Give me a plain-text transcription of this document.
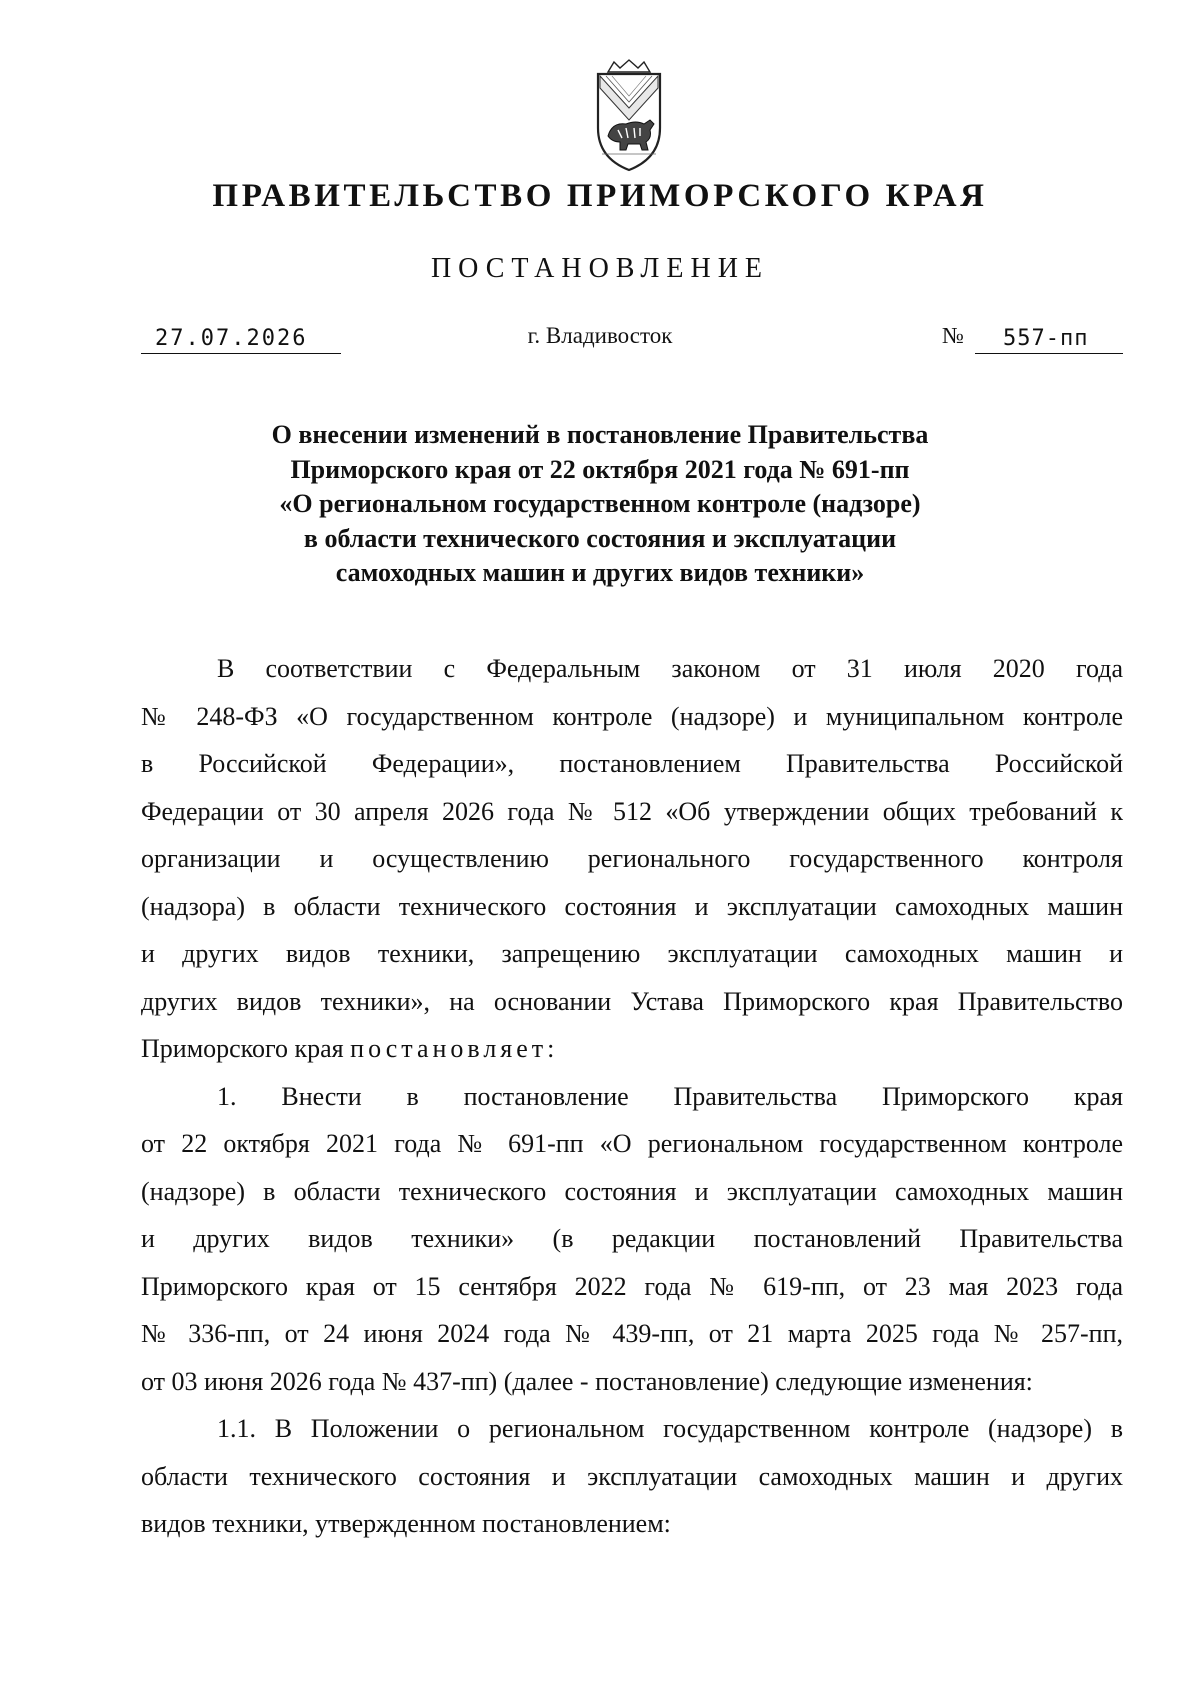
ПРАВИТЕЛЬСТВО ПРИМОРСКОГО КРАЯ
ПОСТАНОВЛЕНИЕ
27.07.2026	г. Владивосток	№	557-пп
О внесении изменений в постановление Правительства
Приморского края от 22 октября 2021 года № 691-пп
«О региональном государственном контроле (надзоре)
в области технического состояния и эксплуатации
самоходных машин и других видов техники»
В соответствии с Федеральным законом от 31 июля 2020 года
№ 248-ФЗ «О государственном контроле (надзоре) и муниципальном контроле
в Российской Федерации», постановлением Правительства Российской
Федерации от 30 апреля 2026 года № 512 «Об утверждении общих требований к
организации и осуществлению регионального государственного контроля
(надзора) в области технического состояния и эксплуатации самоходных машин
и других видов техники, запрещению эксплуатации самоходных машин и
других видов техники», на основании Устава Приморского края Правительство
Приморского края постановляет:
1. Внести в постановление Правительства Приморского края
от 22 октября 2021 года № 691-пп «О региональном государственном контроле
(надзоре) в области технического состояния и эксплуатации самоходных машин
и других видов техники» (в редакции постановлений Правительства
Приморского края от 15 сентября 2022 года № 619-пп, от 23 мая 2023 года
№ 336-пп, от 24 июня 2024 года № 439-пп, от 21 марта 2025 года № 257-пп,
от 03 июня 2026 года № 437-пп) (далее - постановление) следующие изменения:
1.1. В Положении о региональном государственном контроле (надзоре) в
области технического состояния и эксплуатации самоходных машин и других
видов техники, утвержденном постановлением:
